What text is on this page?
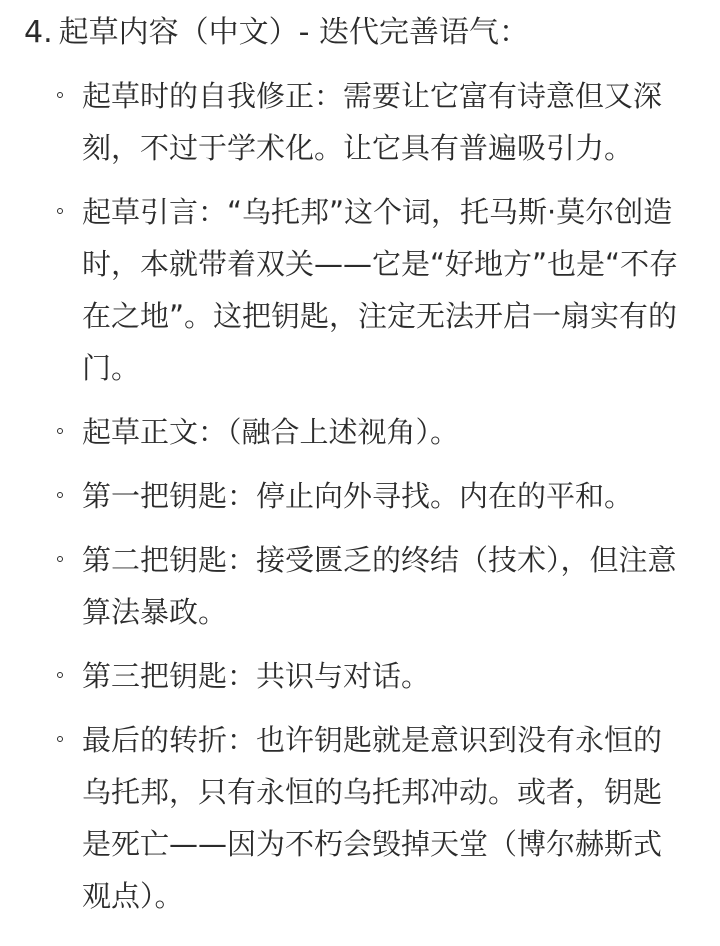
4. 起草内容（中文）- 迭代完善语气：
起草时的自我修正：需要让它富有诗意但又深刻，不过于学术化。让它具有普遍吸引力。
起草引言：“乌托邦”这个词，托马斯·莫尔创造时，本就带着双关——它是“好地方”也是“不存在之地”。这把钥匙，注定无法开启一扇实有的门。
起草正文：（融合上述视角）。
第一把钥匙：停止向外寻找。内在的平和。
第二把钥匙：接受匮乏的终结（技术），但注意算法暴政。
第三把钥匙：共识与对话。
最后的转折：也许钥匙就是意识到没有永恒的乌托邦，只有永恒的乌托邦冲动。或者，钥匙是死亡——因为不朽会毁掉天堂（博尔赫斯式观点）。
